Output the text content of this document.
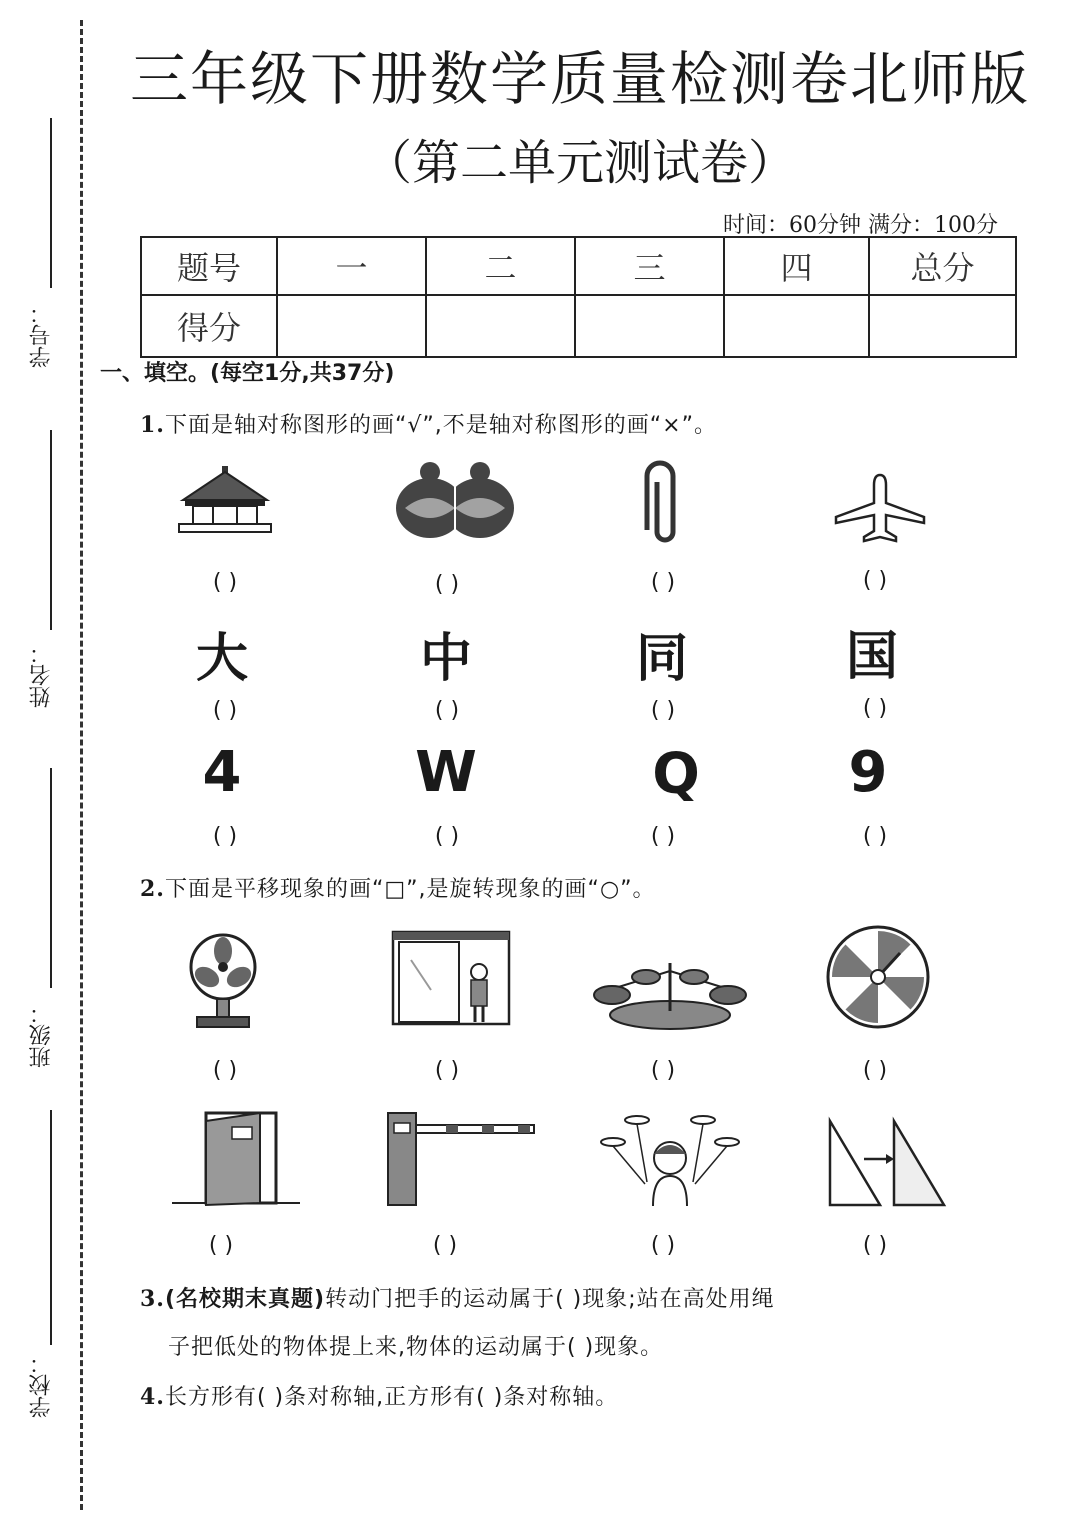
学号：
姓名：
班级：
学校：
三年级下册数学质量检测卷北师版
（第二单元测试卷）
时间：60分钟 满分：100分
题号	一	二	三	四	总分
得分					
一、填空。(每空1分,共37分)
1.下面是轴对称图形的画“√”,不是轴对称图形的画“×”。
( )	( )	( )	( )
大	中	同	国
( )	( )	( )	( )
4	W	Q	9
( )	( )	( )	( )
2.下面是平移现象的画“□”,是旋转现象的画“○”。
( )	( )	( )	( )
( )	( )	( )	( )
3.(名校期末真题)转动门把手的运动属于( )现象;站在高处用绳
子把低处的物体提上来,物体的运动属于( )现象。
4.长方形有( )条对称轴,正方形有( )条对称轴。
